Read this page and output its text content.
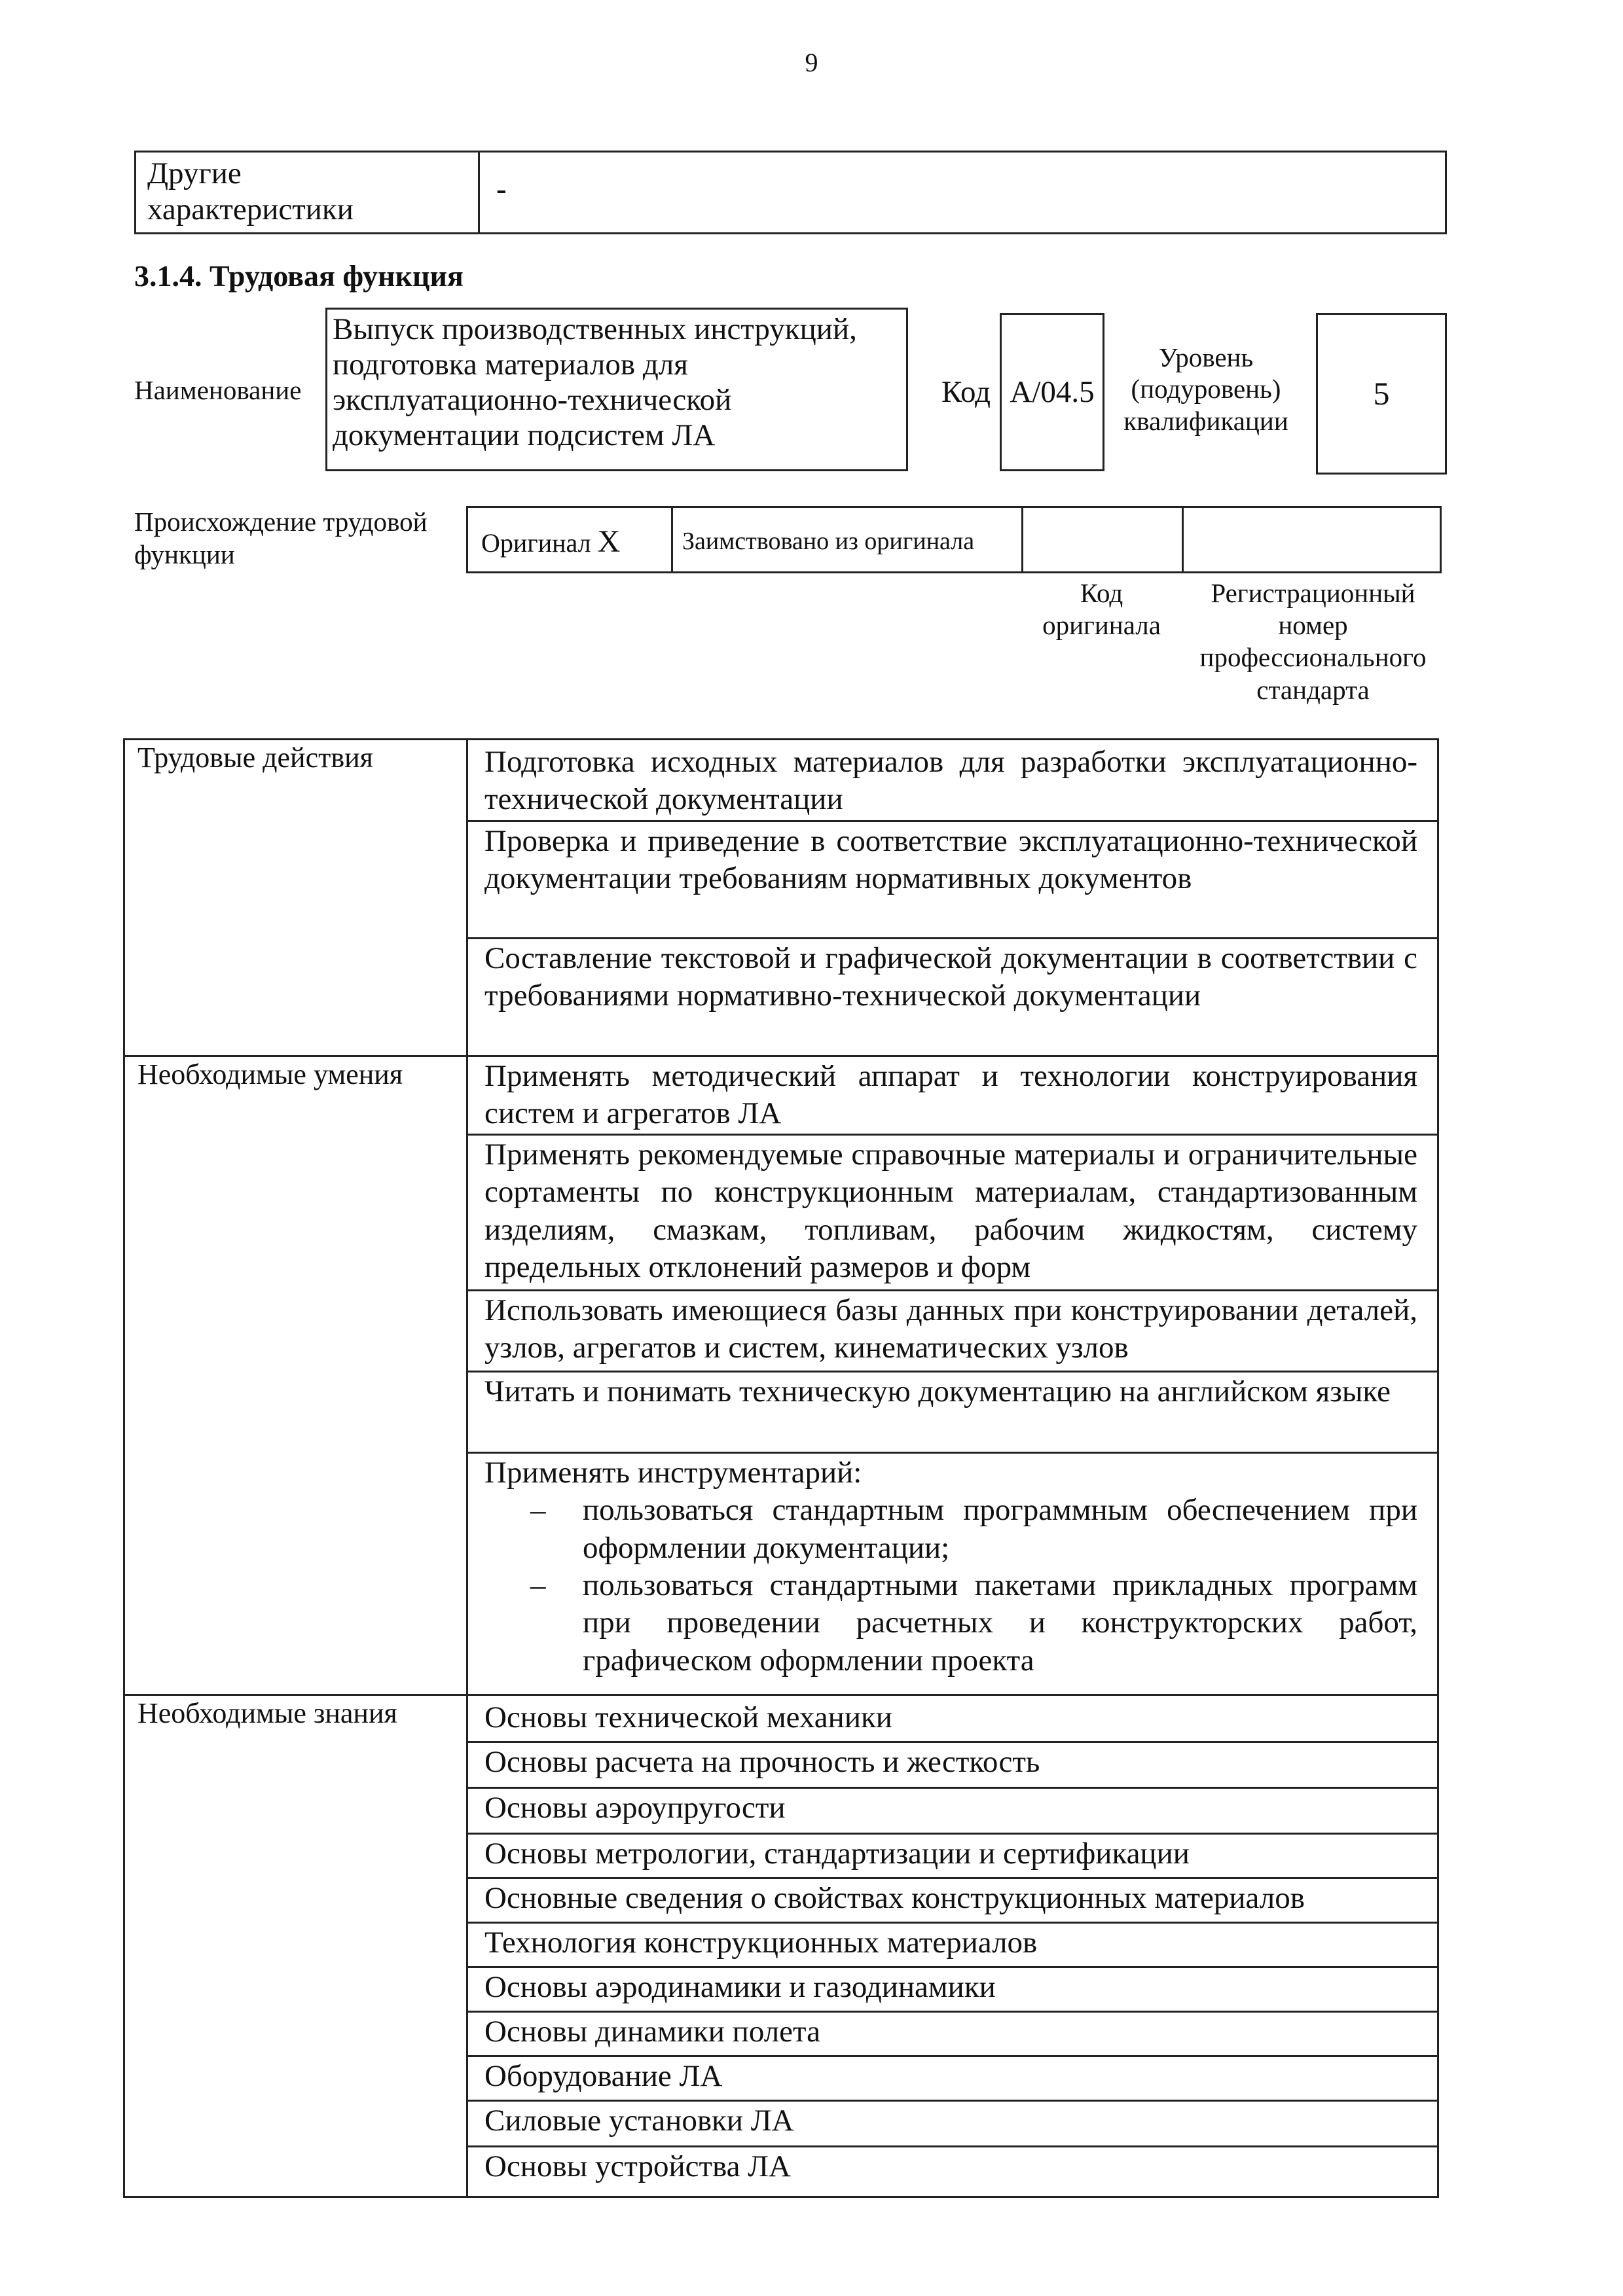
9
Другие характеристики
-
3.1.4. Трудовая функция
Наименование
Выпуск производственных инструкций, подготовка материалов для эксплуатационно-технической документации подсистем ЛА
Код A/04.5
Уровень (подуровень) квалификации
5
Происхождение трудовой функции	Оригинал X Заимствовано из оригинала
Код оригинала
Регистрационный номер профессионального стандарта
Трудовые действия
Необходимые умения
Необходимые знания
Подготовка исходных материалов для разработки эксплуатационно-технической документации
Проверка и приведение в соответствие эксплуатационно-технической документации требованиям нормативных документов
Составление текстовой и графической документации в соответствии с требованиями нормативно-технической документации
Применять методический аппарат и технологии конструирования систем и агрегатов ЛА
Применять рекомендуемые справочные материалы и ограничительные сортаменты по конструкционным материалам, стандартизованным изделиям, смазкам, топливам, рабочим жидкостям, систему предельных отклонений размеров и форм
Использовать имеющиеся базы данных при конструировании деталей, узлов, агрегатов и систем, кинематических узлов
Читать и понимать техническую документацию на английском языке
Применять инструментарий:
– пользоваться стандартным программным обеспечением при оформлении документации;
– пользоваться стандартными пакетами прикладных программ при проведении расчетных и конструкторских работ, графическом оформлении проекта
Основы технической механики
Основы расчета на прочность и жесткость
Основы аэроупругости
Основы метрологии, стандартизации и сертификации
Основные сведения о свойствах конструкционных материалов
Технология конструкционных материалов
Основы аэродинамики и газодинамики
Основы динамики полета
Оборудование ЛА
Силовые установки ЛА
Основы устройства ЛА
